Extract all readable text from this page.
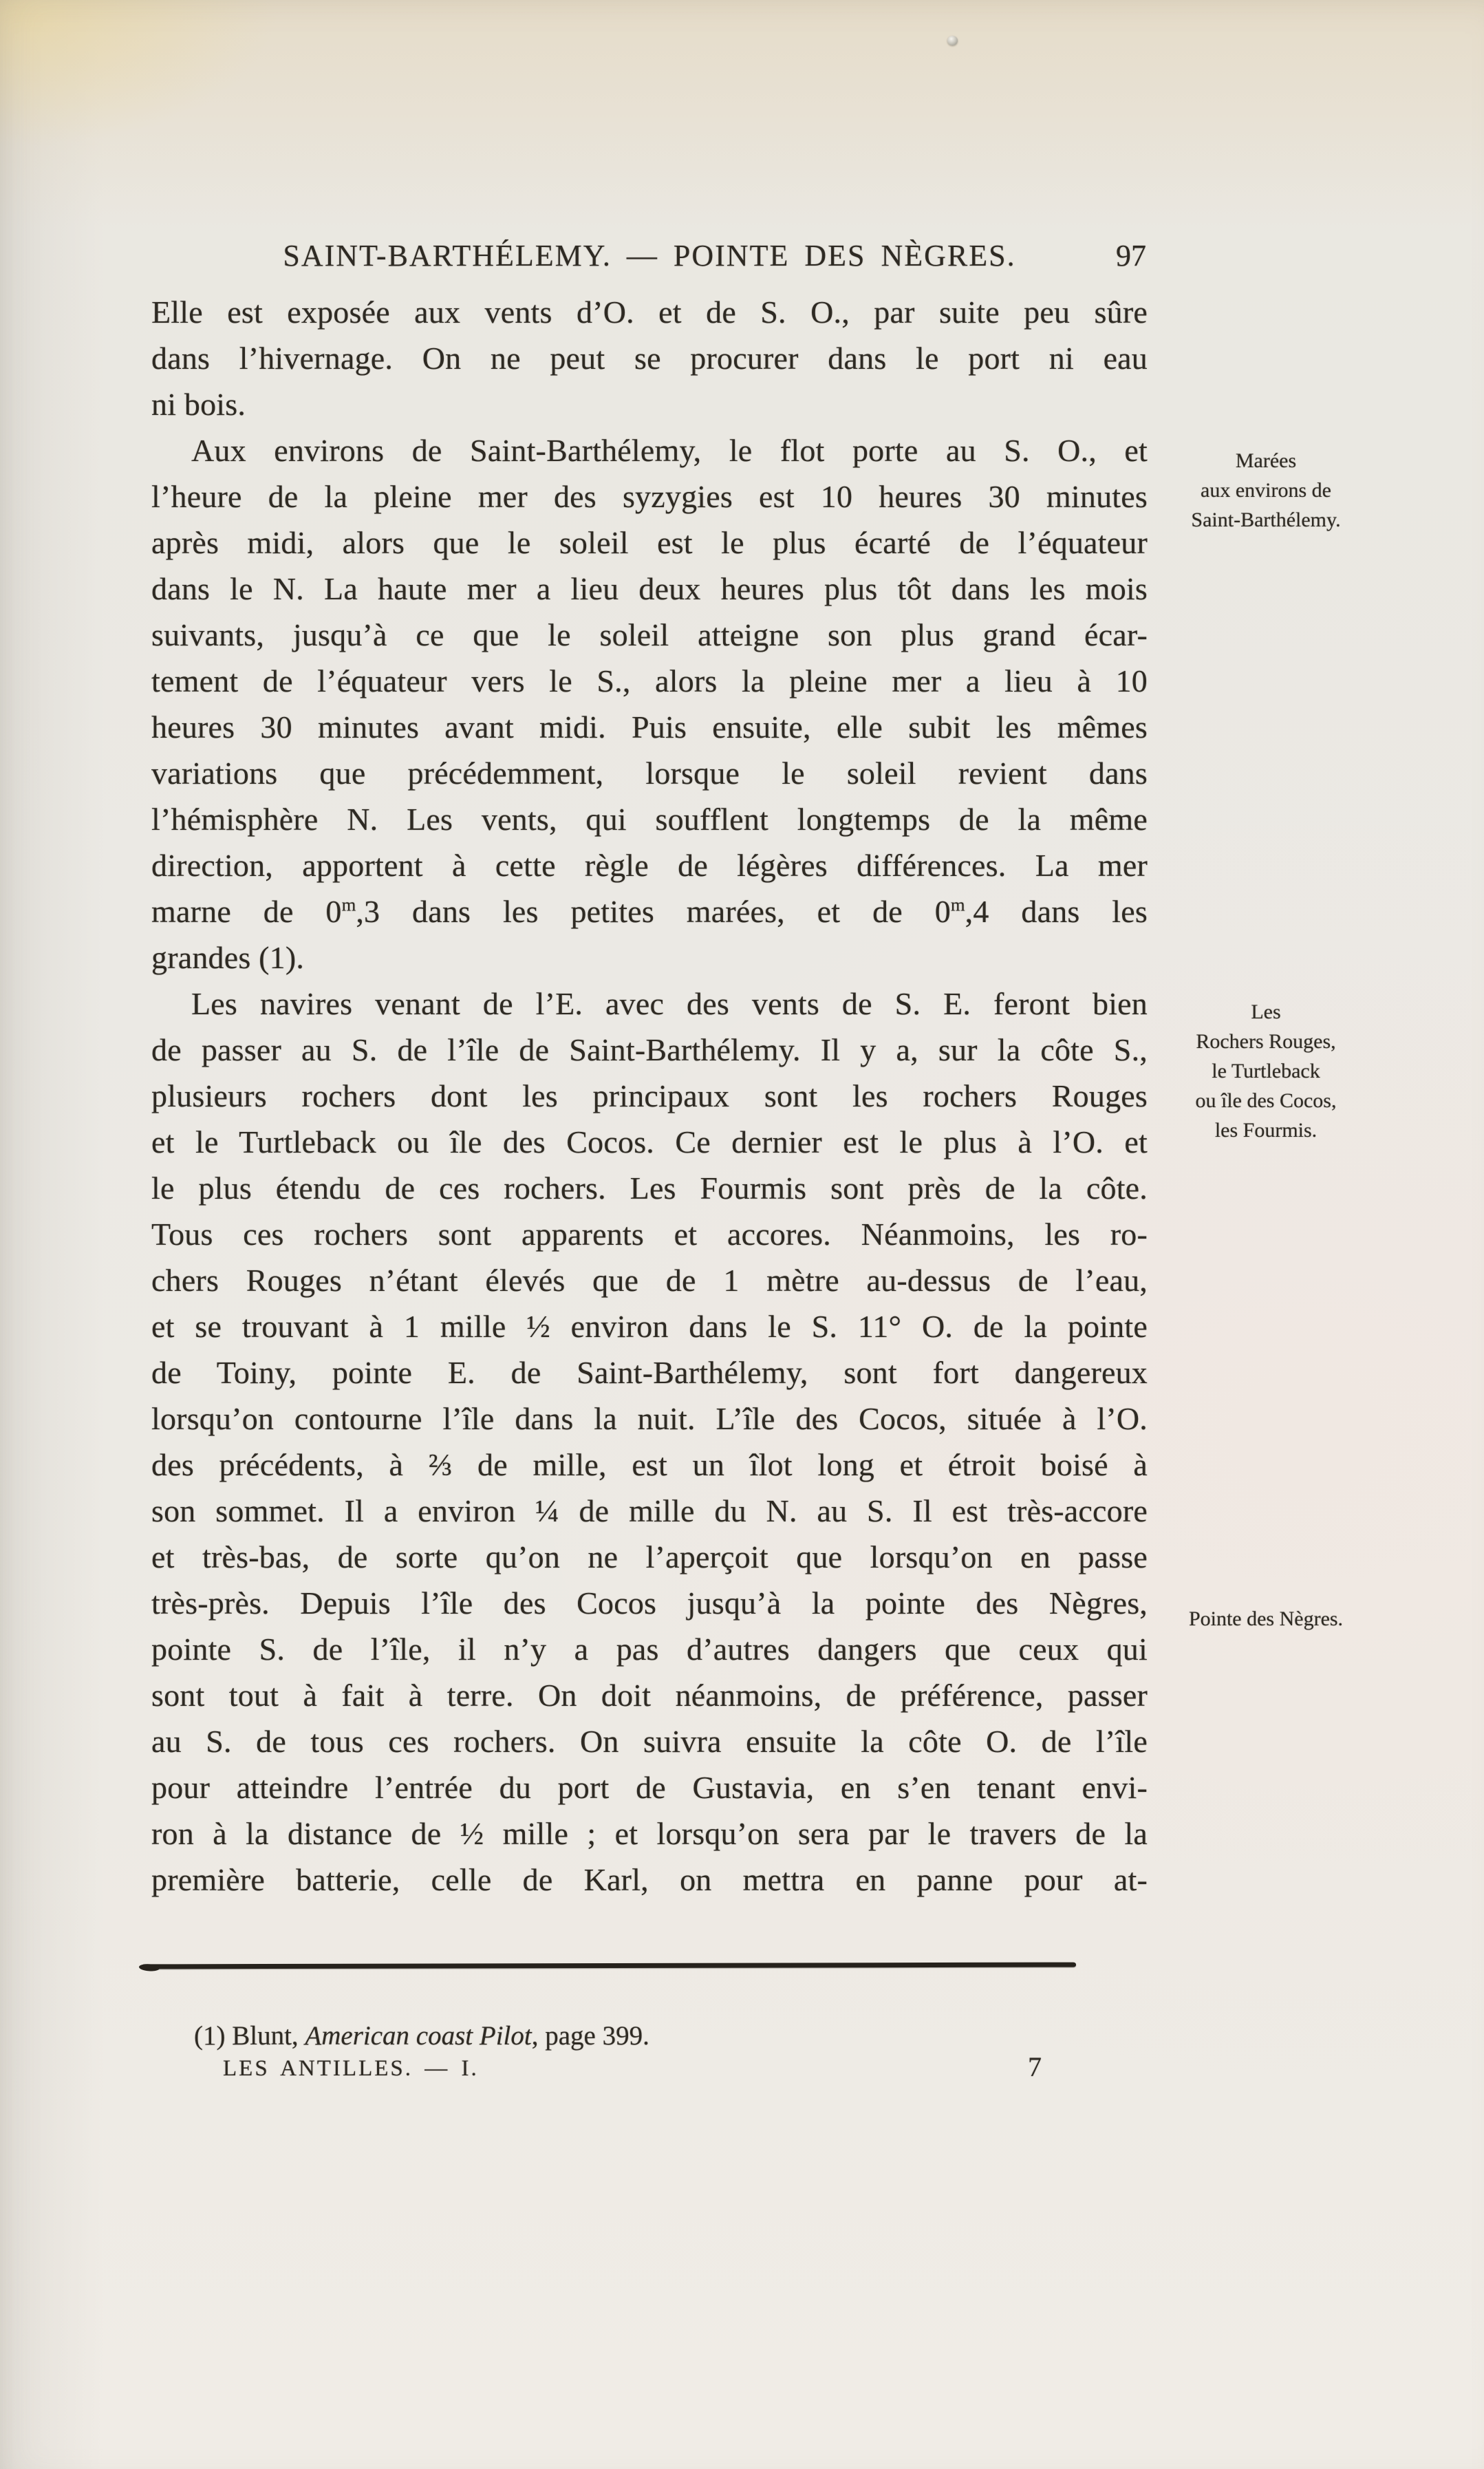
SAINT-BARTHÉLEMY. — POINTE DES NÈGRES.	97
Elle est exposée aux vents d’O. et de S. O., par suite peu sûre
dans l’hivernage. On ne peut se procurer dans le port ni eau
ni bois.
Aux environs de Saint-Barthélemy, le flot porte au S. O., et
l’heure de la pleine mer des syzygies est 10 heures 30 minutes
après midi, alors que le soleil est le plus écarté de l’équateur
dans le N. La haute mer a lieu deux heures plus tôt dans les mois
suivants, jusqu’à ce que le soleil atteigne son plus grand écar-
tement de l’équateur vers le S., alors la pleine mer a lieu à 10
heures 30 minutes avant midi. Puis ensuite, elle subit les mêmes
variations que précédemment, lorsque le soleil revient dans
l’hémisphère N. Les vents, qui soufflent longtemps de la même
direction, apportent à cette règle de légères différences. La mer
marne de 0$^m$,3 dans les petites marées, et de 0$^m$,4 dans les
grandes (1).
Les navires venant de l’E. avec des vents de S. E. feront bien
de passer au S. de l’île de Saint-Barthélemy. Il y a, sur la côte S.,
plusieurs rochers dont les principaux sont les rochers Rouges
et le Turtleback ou île des Cocos. Ce dernier est le plus à l’O. et
le plus étendu de ces rochers. Les Fourmis sont près de la côte.
Tous ces rochers sont apparents et accores. Néanmoins, les ro-
chers Rouges n’étant élevés que de 1 mètre au-dessus de l’eau,
et se trouvant à 1 mille ½ environ dans le S. 11° O. de la pointe
de Toiny, pointe E. de Saint-Barthélemy, sont fort dangereux
lorsqu’on contourne l’île dans la nuit. L’île des Cocos, située à l’O.
des précédents, à ⅔ de mille, est un îlot long et étroit boisé à
son sommet. Il a environ ¼ de mille du N. au S. Il est très-accore
et très-bas, de sorte qu’on ne l’aperçoit que lorsqu’on en passe
très-près. Depuis l’île des Cocos jusqu’à la pointe des Nègres,
pointe S. de l’île, il n’y a pas d’autres dangers que ceux qui
sont tout à fait à terre. On doit néanmoins, de préférence, passer
au S. de tous ces rochers. On suivra ensuite la côte O. de l’île
pour atteindre l’entrée du port de Gustavia, en s’en tenant envi-
ron à la distance de ½ mille ; et lorsqu’on sera par le travers de la
première batterie, celle de Karl, on mettra en panne pour at-
Marées
aux environs de
Saint-Barthélemy.
Les
Rochers Rouges,
le Turtleback
ou île des Cocos,
les Fourmis.
Pointe des Nègres.
(1) Blunt, American coast Pilot, page 399.
LES ANTILLES. — I.	7
